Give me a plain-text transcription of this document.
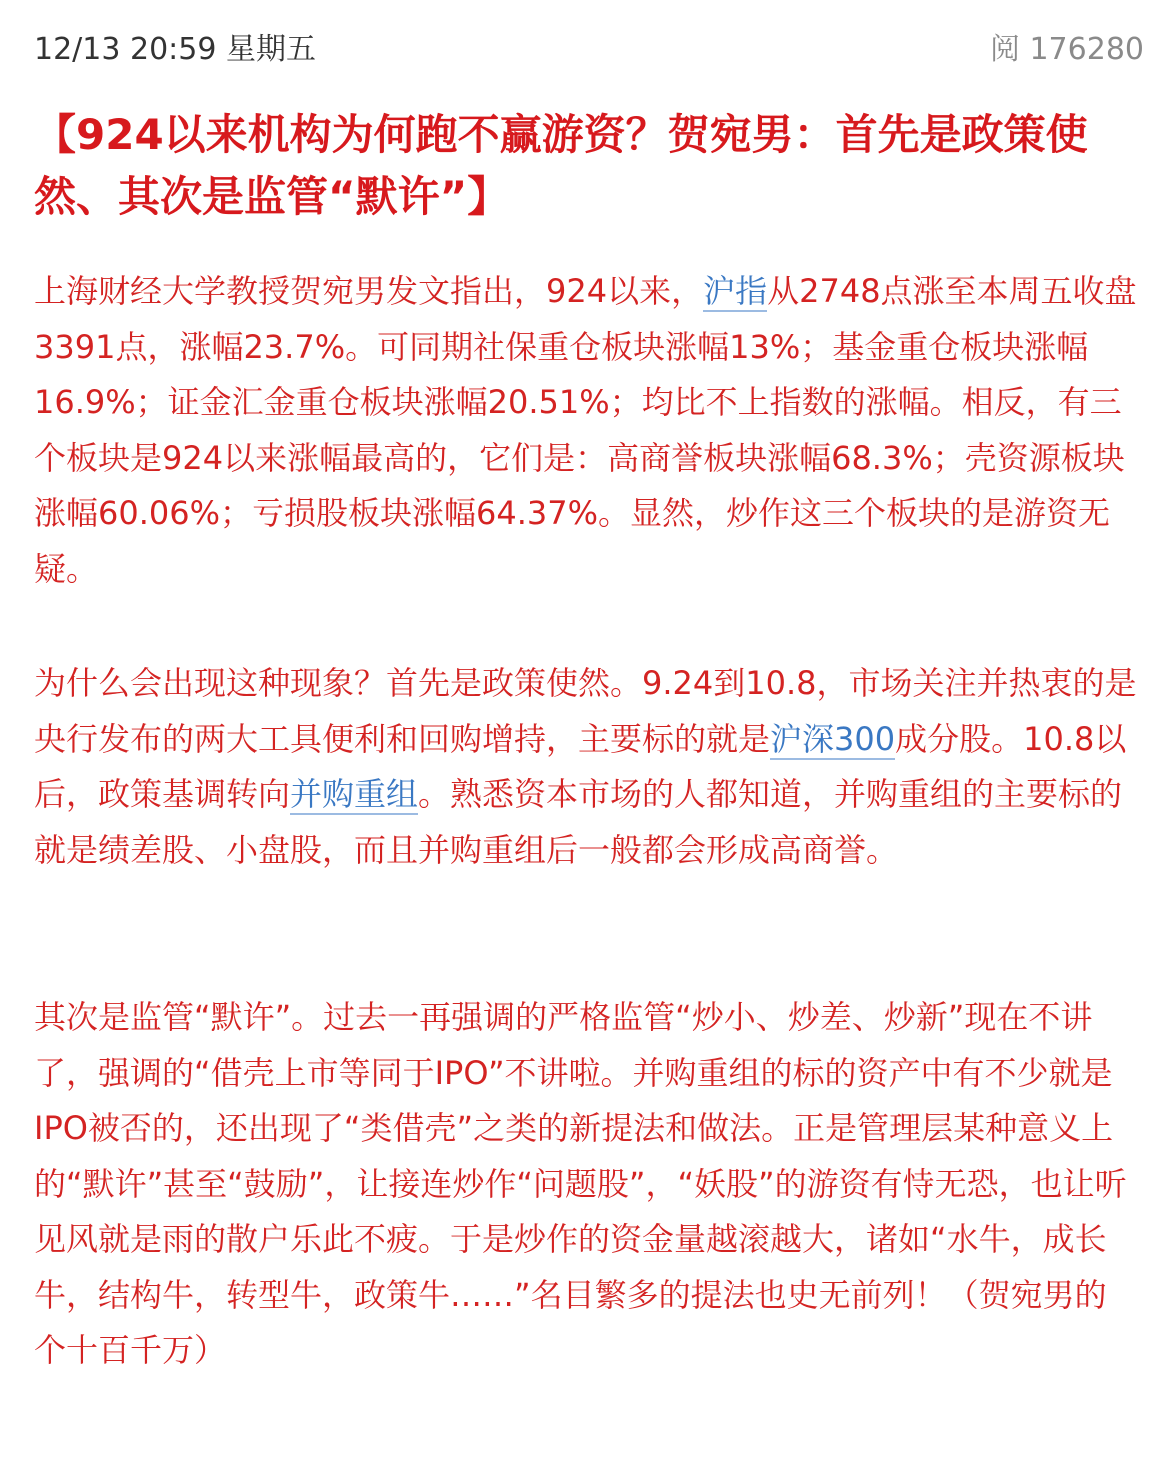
12/13 20:59 星期五	阅 176280
【924以来机构为何跑不赢游资？贺宛男：首先是政策使然、其次是监管“默许”】

上海财经大学教授贺宛男发文指出，924以来，沪指从2748点涨至本周五收盘3391点，涨幅23.7%。可同期社保重仓板块涨幅13%；基金重仓板块涨幅16.9%；证金汇金重仓板块涨幅20.51%；均比不上指数的涨幅。相反，有三个板块是924以来涨幅最高的，它们是：高商誉板块涨幅68.3%；壳资源板块涨幅60.06%；亏损股板块涨幅64.37%。显然，炒作这三个板块的是游资无疑。

为什么会出现这种现象？首先是政策使然。9.24到10.8，市场关注并热衷的是央行发布的两大工具便利和回购增持，主要标的就是沪深300成分股。10.8以后，政策基调转向并购重组。熟悉资本市场的人都知道，并购重组的主要标的就是绩差股、小盘股，而且并购重组后一般都会形成高商誉。

其次是监管“默许”。过去一再强调的严格监管“炒小、炒差、炒新”现在不讲了，强调的“借壳上市等同于IPO”不讲啦。并购重组的标的资产中有不少就是IPO被否的，还出现了“类借壳”之类的新提法和做法。正是管理层某种意义上的“默许”甚至“鼓励”，让接连炒作“问题股”，“妖股”的游资有恃无恐，也让听见风就是雨的散户乐此不疲。于是炒作的资金量越滚越大，诸如“水牛，成长牛，结构牛，转型牛，政策牛……”名目繁多的提法也史无前列！（贺宛男的个十百千万）
